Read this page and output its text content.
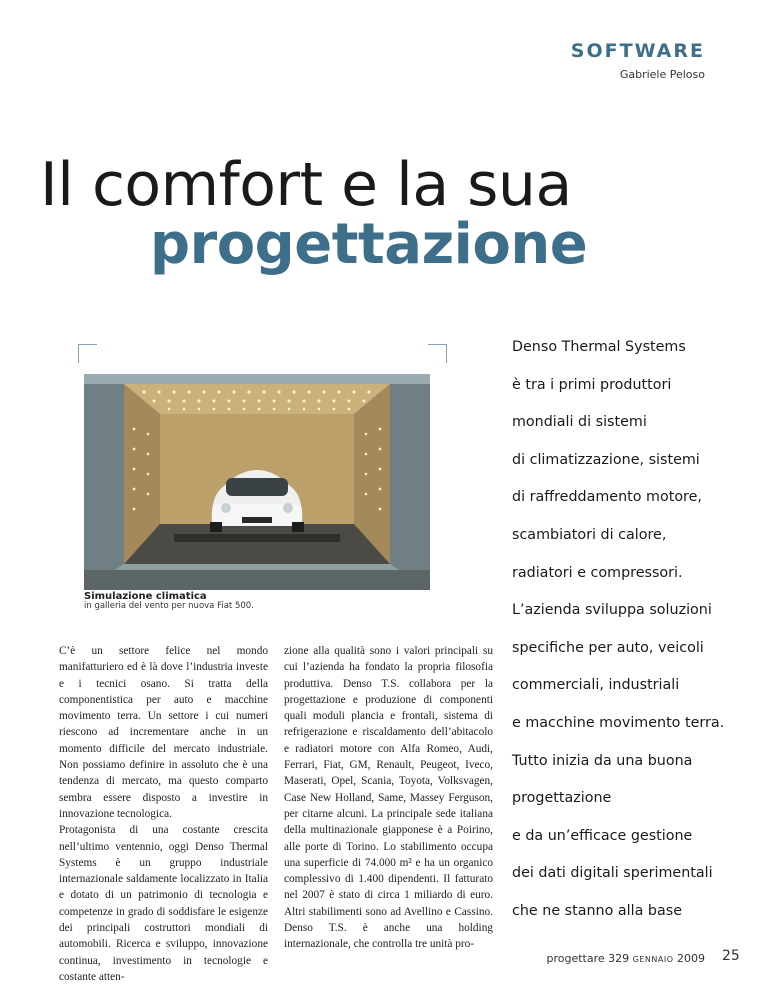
SOFTWARE
Gabriele Peloso
Il comfort e la sua
progettazione
Simulazione climatica
in galleria del vento per nuova Fiat 500.
Denso Thermal Systems
è tra i primi produttori
mondiali di sistemi
di climatizzazione, sistemi
di raffreddamento motore,
scambiatori di calore,
radiatori e compressori.
L’azienda sviluppa soluzioni
specifiche per auto, veicoli
commerciali, industriali
e macchine movimento terra.
Tutto inizia da una buona
progettazione
e da un’efficace gestione
dei dati digitali sperimentali
che ne stanno alla base

C’è un settore felice nel mondo manifatturiero ed è là dove l’industria investe e i tecnici osano. Si tratta della componentistica per auto e macchine movimento terra. Un settore i cui numeri riescono ad incrementare anche in un momento difficile del mercato industriale. Non possiamo definire in assoluto che è una tendenza di mercato, ma questo comparto sembra essere disposto a investire in innovazione tecnologica.

Protagonista di una costante crescita nell’ultimo ventennio, oggi Denso Thermal Systems è un gruppo industriale internazionale saldamente localizzato in Italia e dotato di un patrimonio di tecnologia e competenze in grado di soddisfare le esigenze dei principali costruttori mondiali di automobili. Ricerca e sviluppo, innovazione continua, investimento in tecnologie e costante atten-

zione alla qualità sono i valori principali su cui l’azienda ha fondato la propria filosofia produttiva. Denso T.S. collabora per la progettazione e produzione di componenti quali moduli plancia e frontali, sistema di refrigerazione e riscaldamento dell’abitacolo e radiatori motore con Alfa Romeo, Audi, Ferrari, Fiat, GM, Renault, Peugeot, Iveco, Maserati, Opel, Scania, Toyota, Volksvagen, Case New Holland, Same, Massey Ferguson, per citarne alcuni. La principale sede italiana della multinazionale giapponese è a Poirino, alle porte di Torino. Lo stabilimento occupa una superficie di 74.000 m² e ha un organico complessivo di 1.400 dipendenti. Il fatturato nel 2007 è stato di circa 1 miliardo di euro. Altri stabilimenti sono ad Avellino e Cassino. Denso T.S. è anche una holding internazionale, che controlla tre unità pro-

progettare 329 GENNAIO 2009 25
